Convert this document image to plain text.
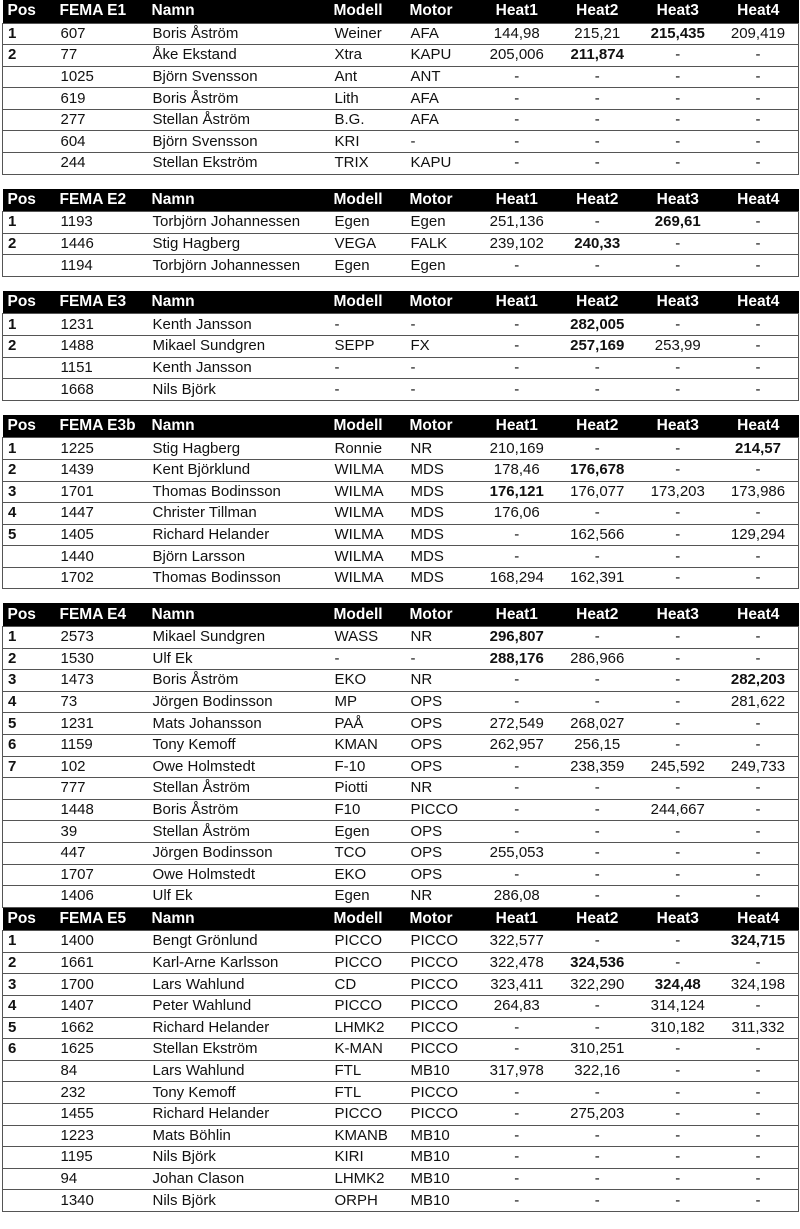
Pos	FEMA E1	Namn	Modell	Motor	Heat1	Heat2	Heat3	Heat4
1	607	Boris Åström	Weiner	AFA	144,98	215,21	215,435	209,419
2	77	Åke Ekstand	Xtra	KAPU	205,006	211,874	-	-
	1025	Björn Svensson	Ant	ANT	-	-	-	-
	619	Boris Åström	Lith	AFA	-	-	-	-
	277	Stellan Åström	B.G.	AFA	-	-	-	-
	604	Björn Svensson	KRI	-	-	-	-	-
	244	Stellan Ekström	TRIX	KAPU	-	-	-	-
Pos	FEMA E2	Namn	Modell	Motor	Heat1	Heat2	Heat3	Heat4
1	1193	Torbjörn Johannessen	Egen	Egen	251,136	-	269,61	-
2	1446	Stig Hagberg	VEGA	FALK	239,102	240,33	-	-
	1194	Torbjörn Johannessen	Egen	Egen	-	-	-	-
Pos	FEMA E3	Namn	Modell	Motor	Heat1	Heat2	Heat3	Heat4
1	1231	Kenth Jansson	-	-	-	282,005	-	-
2	1488	Mikael Sundgren	SEPP	FX	-	257,169	253,99	-
	1151	Kenth Jansson	-	-	-	-	-	-
	1668	Nils Björk	-	-	-	-	-	-
Pos	FEMA E3b	Namn	Modell	Motor	Heat1	Heat2	Heat3	Heat4
1	1225	Stig Hagberg	Ronnie	NR	210,169	-	-	214,57
2	1439	Kent Björklund	WILMA	MDS	178,46	176,678	-	-
3	1701	Thomas Bodinsson	WILMA	MDS	176,121	176,077	173,203	173,986
4	1447	Christer Tillman	WILMA	MDS	176,06	-	-	-
5	1405	Richard Helander	WILMA	MDS	-	162,566	-	129,294
	1440	Björn Larsson	WILMA	MDS	-	-	-	-
	1702	Thomas Bodinsson	WILMA	MDS	168,294	162,391	-	-
Pos	FEMA E4	Namn	Modell	Motor	Heat1	Heat2	Heat3	Heat4
1	2573	Mikael Sundgren	WASS	NR	296,807	-	-	-
2	1530	Ulf Ek	-	-	288,176	286,966	-	-
3	1473	Boris Åström	EKO	NR	-	-	-	282,203
4	73	Jörgen Bodinsson	MP	OPS	-	-	-	281,622
5	1231	Mats Johansson	PAÅ	OPS	272,549	268,027	-	-
6	1159	Tony Kemoff	KMAN	OPS	262,957	256,15	-	-
7	102	Owe Holmstedt	F-10	OPS	-	238,359	245,592	249,733
	777	Stellan Åström	Piotti	NR	-	-	-	-
	1448	Boris Åström	F10	PICCO	-	-	244,667	-
	39	Stellan Åström	Egen	OPS	-	-	-	-
	447	Jörgen Bodinsson	TCO	OPS	255,053	-	-	-
	1707	Owe Holmstedt	EKO	OPS	-	-	-	-
	1406	Ulf Ek	Egen	NR	286,08	-	-	-
Pos	FEMA E5	Namn	Modell	Motor	Heat1	Heat2	Heat3	Heat4
1	1400	Bengt Grönlund	PICCO	PICCO	322,577	-	-	324,715
2	1661	Karl-Arne Karlsson	PICCO	PICCO	322,478	324,536	-	-
3	1700	Lars Wahlund	CD	PICCO	323,411	322,290	324,48	324,198
4	1407	Peter Wahlund	PICCO	PICCO	264,83	-	314,124	-
5	1662	Richard Helander	LHMK2	PICCO	-	-	310,182	311,332
6	1625	Stellan Ekström	K-MAN	PICCO	-	310,251	-	-
	84	Lars Wahlund	FTL	MB10	317,978	322,16	-	-
	232	Tony Kemoff	FTL	PICCO	-	-	-	-
	1455	Richard Helander	PICCO	PICCO	-	275,203	-	-
	1223	Mats Böhlin	KMANB	MB10	-	-	-	-
	1195	Nils Björk	KIRI	MB10	-	-	-	-
	94	Johan Clason	LHMK2	MB10	-	-	-	-
	1340	Nils Björk	ORPH	MB10	-	-	-	-
